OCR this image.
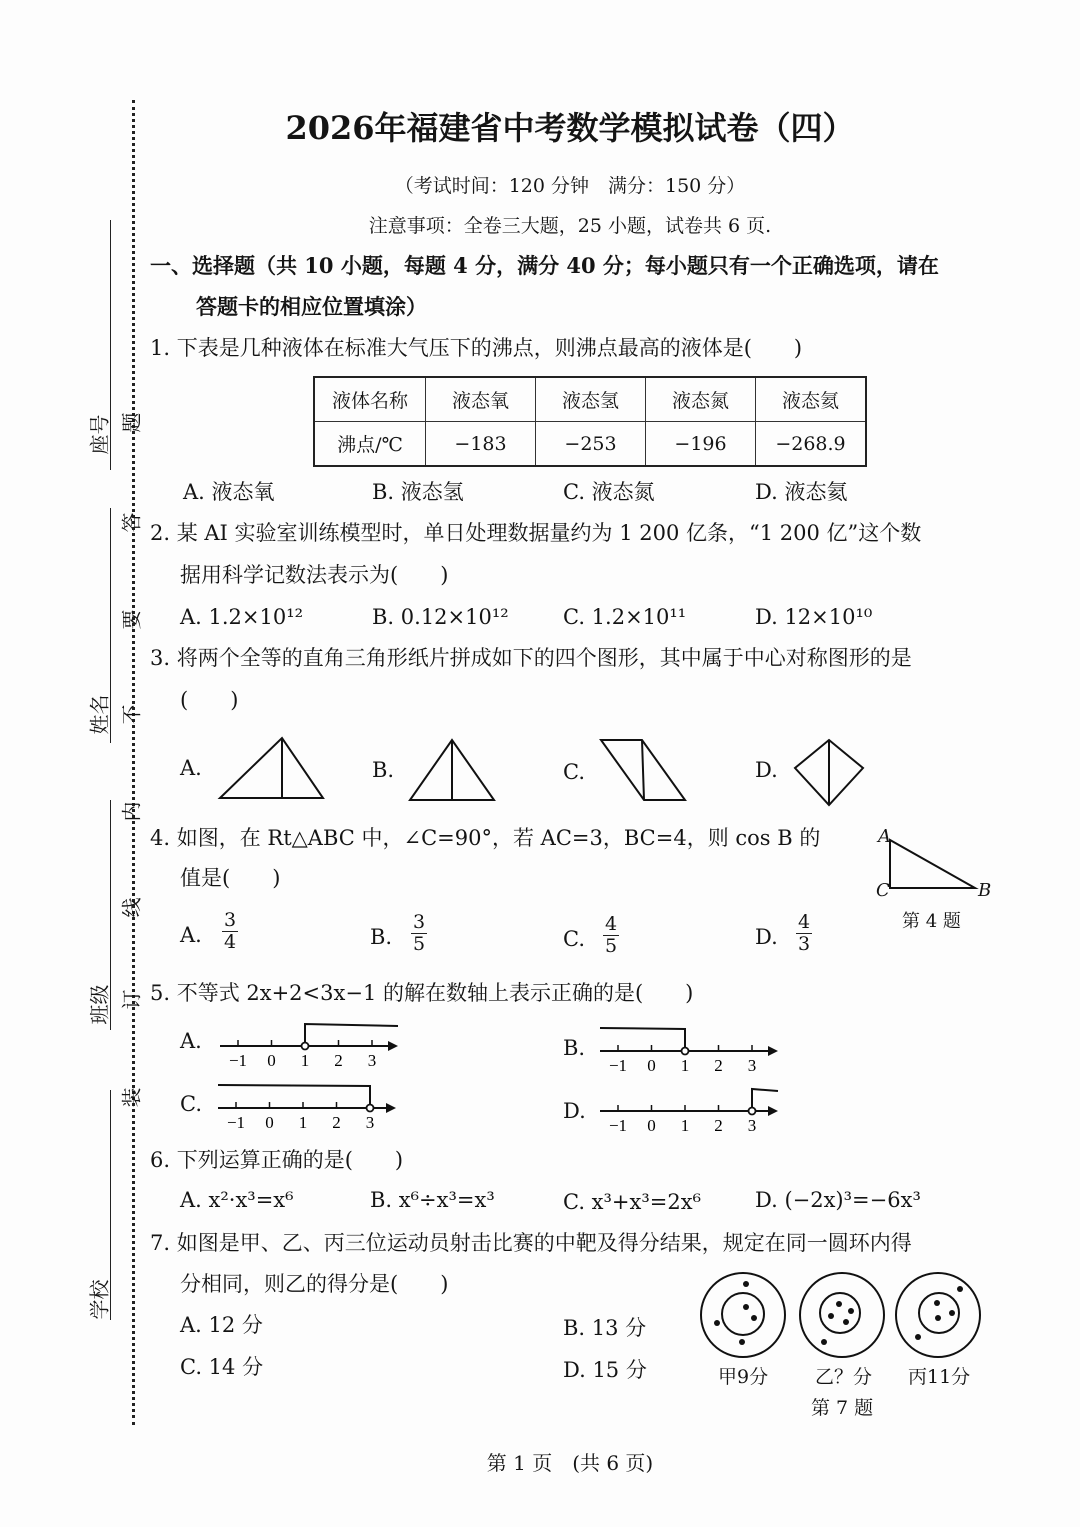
座号
姓名
班级
学校
题
答
要
不
内
线
订
装
2026年福建省中考数学模拟试卷（四）
（考试时间：120 分钟　满分：150 分）
注意事项：全卷三大题，25 小题，试卷共 6 页.
一、选择题（共 10 小题，每题 4 分，满分 40 分；每小题只有一个正确选项，请在
答题卡的相应位置填涂）
1. 下表是几种液体在标准大气压下的沸点，则沸点最高的液体是(　　)
液体名称	液态氧	液态氢	液态氮	液态氦
沸点/℃	−183	−253	−196	−268.9
A. 液态氧	B. 液态氢	C. 液态氮	D. 液态氦
2. 某 AI 实验室训练模型时，单日处理数据量约为 1 200 亿条，“1 200 亿”这个数
据用科学记数法表示为(　　)
A. 1.2×10¹²	B. 0.12×10¹²	C. 1.2×10¹¹	D. 12×10¹⁰
3. 将两个全等的直角三角形纸片拼成如下的四个图形，其中属于中心对称图形的是
(　　)
A.	B.	C.	D.
4. 如图，在 Rt△ABC 中，∠C=90°，若 AC=3，BC=4，则 cos B 的
值是(　　)
A
C	B
第 4 题
A. $\frac{3}{4}$	B. $\frac{3}{5}$	C. $\frac{4}{5}$	D. $\frac{4}{3}$
5. 不等式 2x+2<3x−1 的解在数轴上表示正确的是(　　)
A.	B.
C.	D.
−1 0 1 2 3	−1 0 1 2 3
−1 0 1 2 3	−1 0 1 2 3
6. 下列运算正确的是(　　)
A. x²·x³=x⁶	B. x⁶÷x³=x³	C. x³+x³=2x⁶	D. (−2x)³=−6x³
7. 如图是甲、乙、丙三位运动员射击比赛的中靶及得分结果，规定在同一圆环内得
分相同，则乙的得分是(　　)
A. 12 分	B. 13 分
C. 14 分	D. 15 分	甲9分 乙？分 丙11分
第 7 题
第 1 页　(共 6 页)
